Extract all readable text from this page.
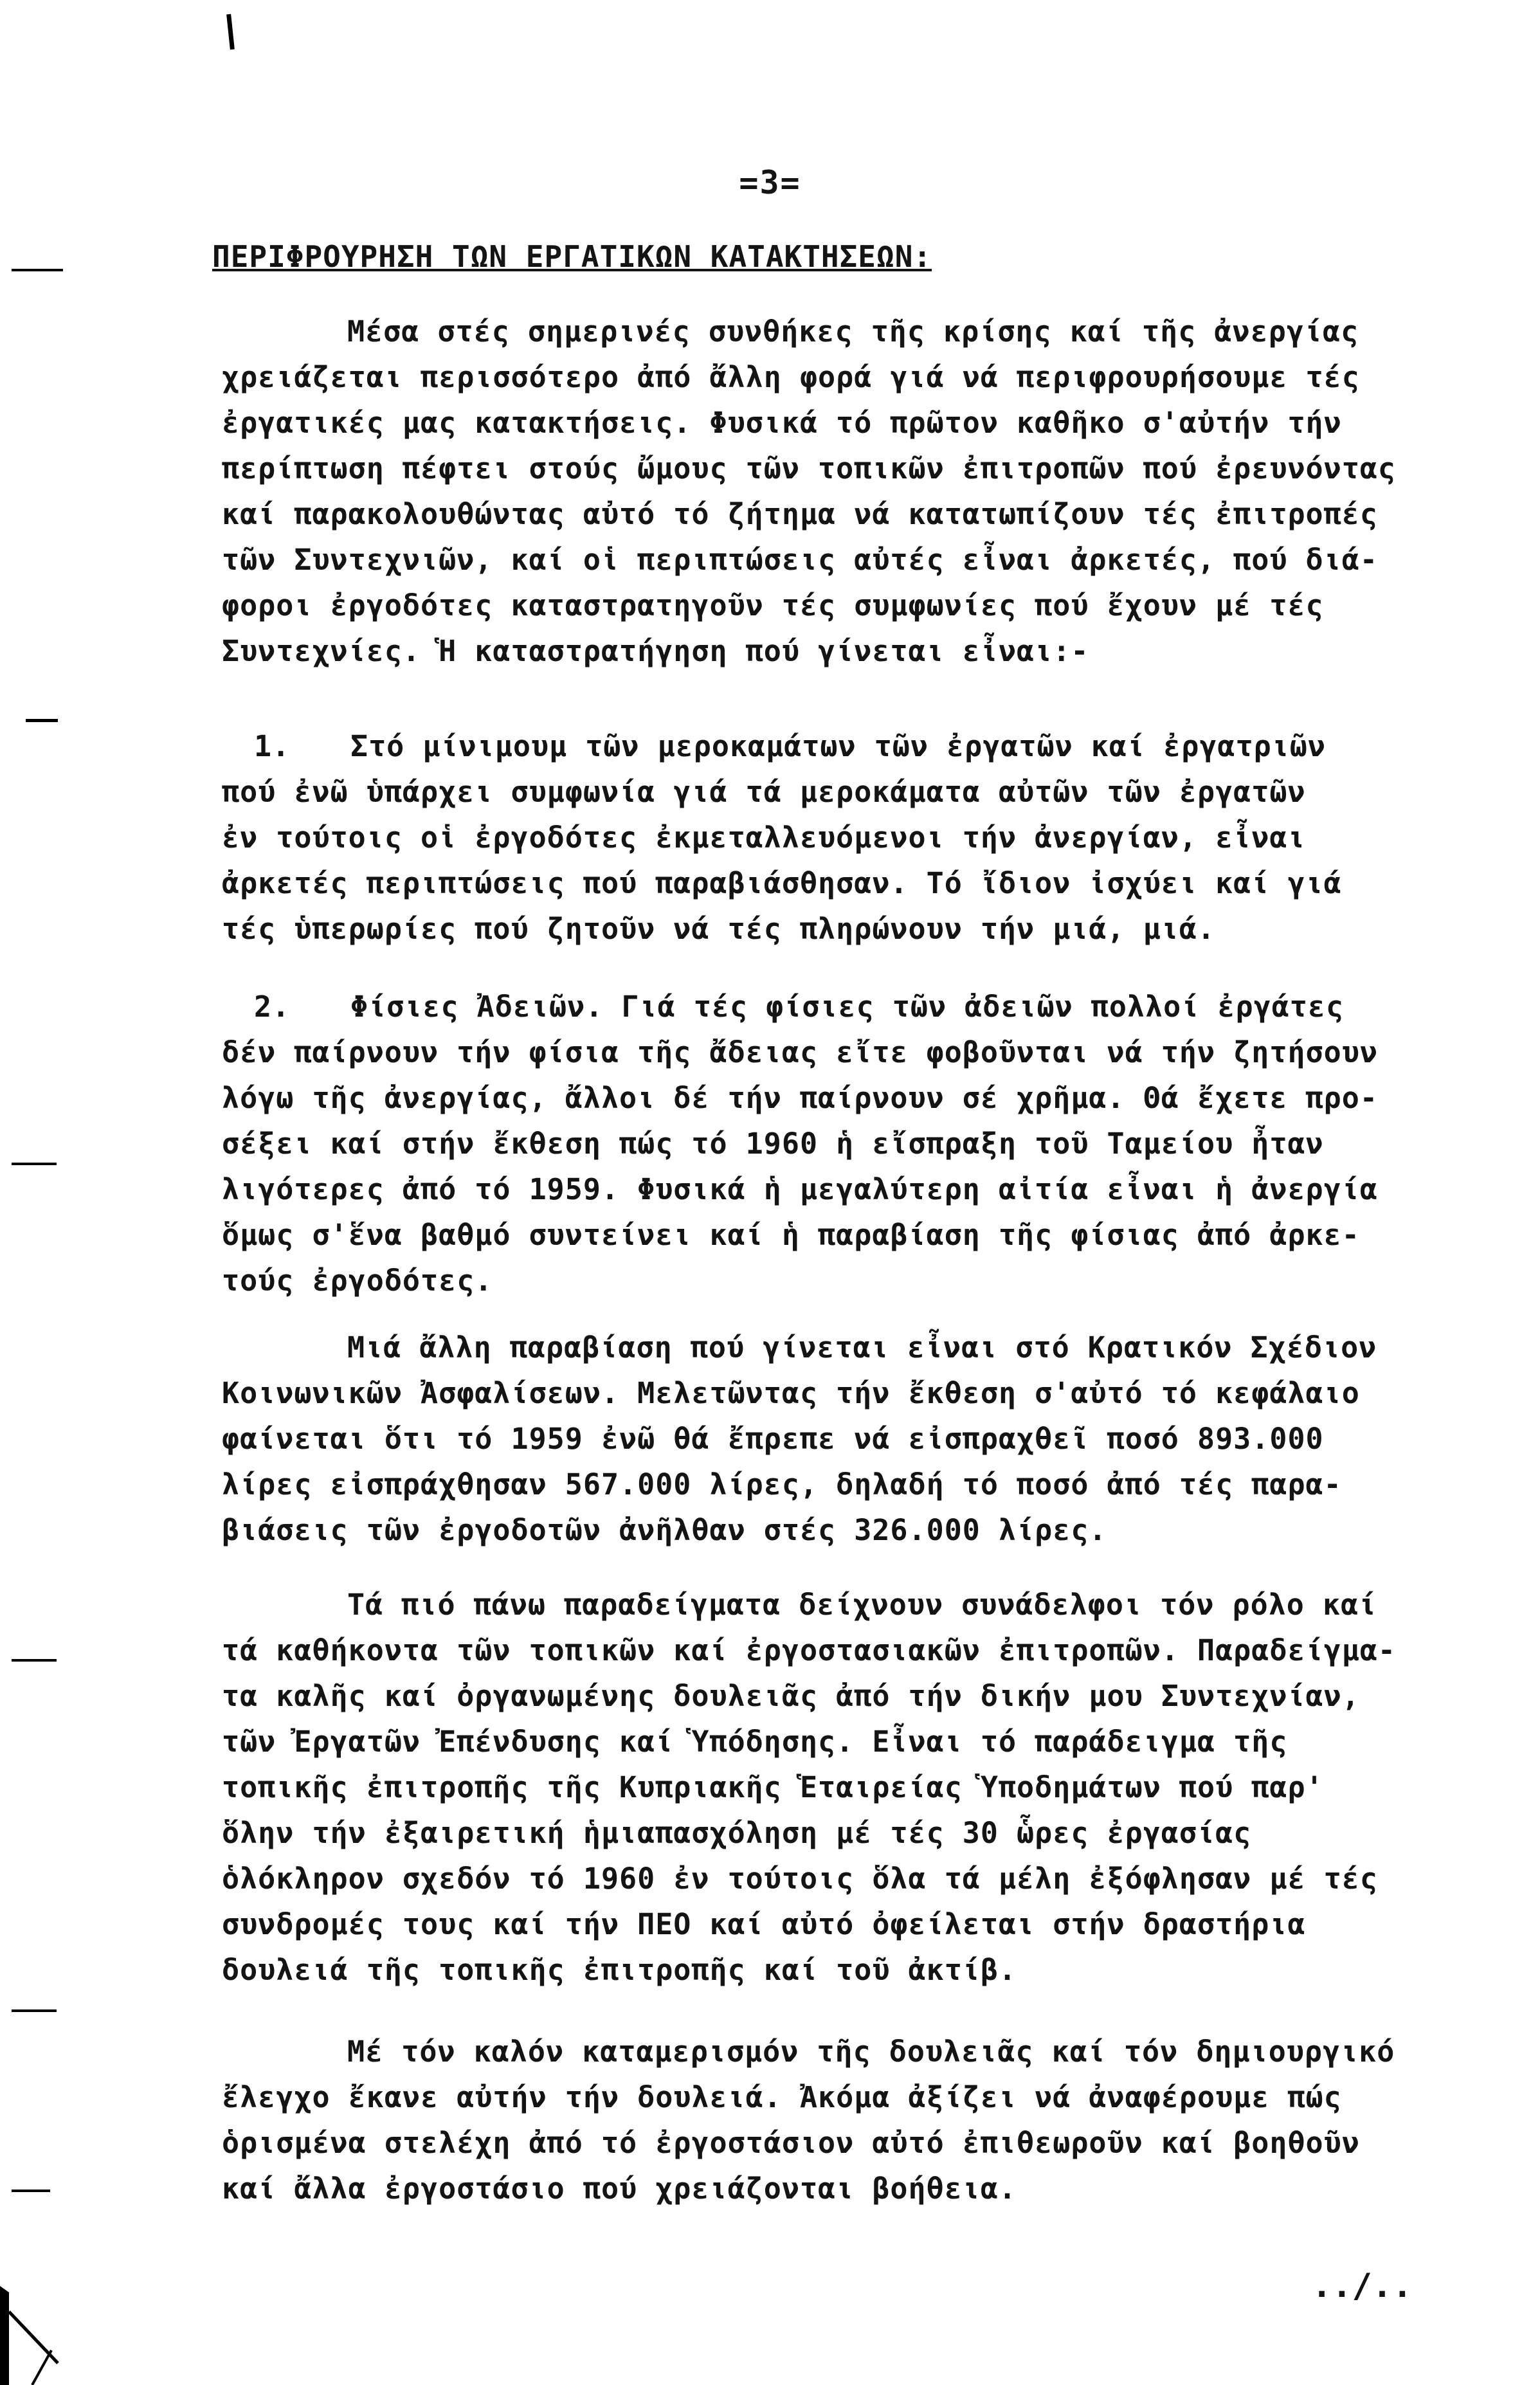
=3=
ΠΕΡΙΦΡΟΥΡΗΣΗ ΤΩΝ ΕΡΓΑΤΙΚΩΝ ΚΑΤΑΚΤΗΣΕΩΝ:
Μέσα στές σημερινές συνθήκες τῆς κρίσης καί τῆς ἀνεργίας
χρειάζεται περισσότερο ἀπό ἄλλη φορά γιά νά περιφρουρήσουμε τές
ἐργατικές μας κατακτήσεις. Φυσικά τό πρῶτον καθῆκο σ'αὐτήν τήν
περίπτωση πέφτει στούς ὤμους τῶν τοπικῶν ἐπιτροπῶν πού ἐρευνόντας
καί παρακολουθώντας αὐτό τό ζήτημα νά κατατωπίζουν τές ἐπιτροπές
τῶν Συντεχνιῶν, καί οἱ περιπτώσεις αὐτές εἶναι ἀρκετές, πού διά-
φοροι ἐργοδότες καταστρατηγοῦν τές συμφωνίες πού ἔχουν μέ τές
Συντεχνίες. Ἡ καταστρατήγηση πού γίνεται εἶναι:-
1. Στό μίνιμουμ τῶν μεροκαμάτων τῶν ἐργατῶν καί ἐργατριῶν
πού ἐνῶ ὑπάρχει συμφωνία γιά τά μεροκάματα αὐτῶν τῶν ἐργατῶν
ἐν τούτοις οἱ ἐργοδότες ἐκμεταλλευόμενοι τήν ἀνεργίαν, εἶναι
ἀρκετές περιπτώσεις πού παραβιάσθησαν. Τό ἴδιον ἰσχύει καί γιά
τές ὑπερωρίες πού ζητοῦν νά τές πληρώνουν τήν μιά, μιά.
2. Φίσιες Ἀδειῶν. Γιά τές φίσιες τῶν ἀδειῶν πολλοί ἐργάτες
δέν παίρνουν τήν φίσια τῆς ἄδειας εἴτε φοβοῦνται νά τήν ζητήσουν
λόγω τῆς ἀνεργίας, ἄλλοι δέ τήν παίρνουν σέ χρῆμα. Θά ἔχετε προ-
σέξει καί στήν ἔκθεση πώς τό 1960 ἡ εἴσπραξη τοῦ Ταμείου ἦταν
λιγότερες ἀπό τό 1959. Φυσικά ἡ μεγαλύτερη αἰτία εἶναι ἡ ἀνεργία
ὅμως σ'ἕνα βαθμό συντείνει καί ἡ παραβίαση τῆς φίσιας ἀπό ἀρκε-
τούς ἐργοδότες.
Μιά ἄλλη παραβίαση πού γίνεται εἶναι στό Κρατικόν Σχέδιον
Κοινωνικῶν Ἀσφαλίσεων. Μελετῶντας τήν ἔκθεση σ'αὐτό τό κεφάλαιο
φαίνεται ὅτι τό 1959 ἐνῶ θά ἔπρεπε νά εἰσπραχθεῖ ποσό 893.000
λίρες εἰσπράχθησαν 567.000 λίρες, δηλαδή τό ποσό ἀπό τές παρα-
βιάσεις τῶν ἐργοδοτῶν ἀνῆλθαν στές 326.000 λίρες.
Τά πιό πάνω παραδείγματα δείχνουν συνάδελφοι τόν ρόλο καί
τά καθήκοντα τῶν τοπικῶν καί ἐργοστασιακῶν ἐπιτροπῶν. Παραδείγμα-
τα καλῆς καί ὀργανωμένης δουλειᾶς ἀπό τήν δικήν μου Συντεχνίαν,
τῶν Ἐργατῶν Ἐπένδυσης καί Ὑπόδησης. Εἶναι τό παράδειγμα τῆς
τοπικῆς ἐπιτροπῆς τῆς Κυπριακῆς Ἑταιρείας Ὑποδημάτων πού παρ'
ὅλην τήν ἐξαιρετική ἡμιαπασχόληση μέ τές 30 ὧρες ἐργασίας
ὁλόκληρον σχεδόν τό 1960 ἐν τούτοις ὅλα τά μέλη ἐξόφλησαν μέ τές
συνδρομές τους καί τήν ΠΕΟ καί αὐτό ὀφείλεται στήν δραστήρια
δουλειά τῆς τοπικῆς ἐπιτροπῆς καί τοῦ ἀκτίβ.
Μέ τόν καλόν καταμερισμόν τῆς δουλειᾶς καί τόν δημιουργικό
ἔλεγχο ἔκανε αὐτήν τήν δουλειά. Ἀκόμα ἀξίζει νά ἀναφέρουμε πώς
ὁρισμένα στελέχη ἀπό τό ἐργοστάσιον αὐτό ἐπιθεωροῦν καί βοηθοῦν
καί ἄλλα ἐργοστάσιο πού χρειάζονται βοήθεια.
../..
